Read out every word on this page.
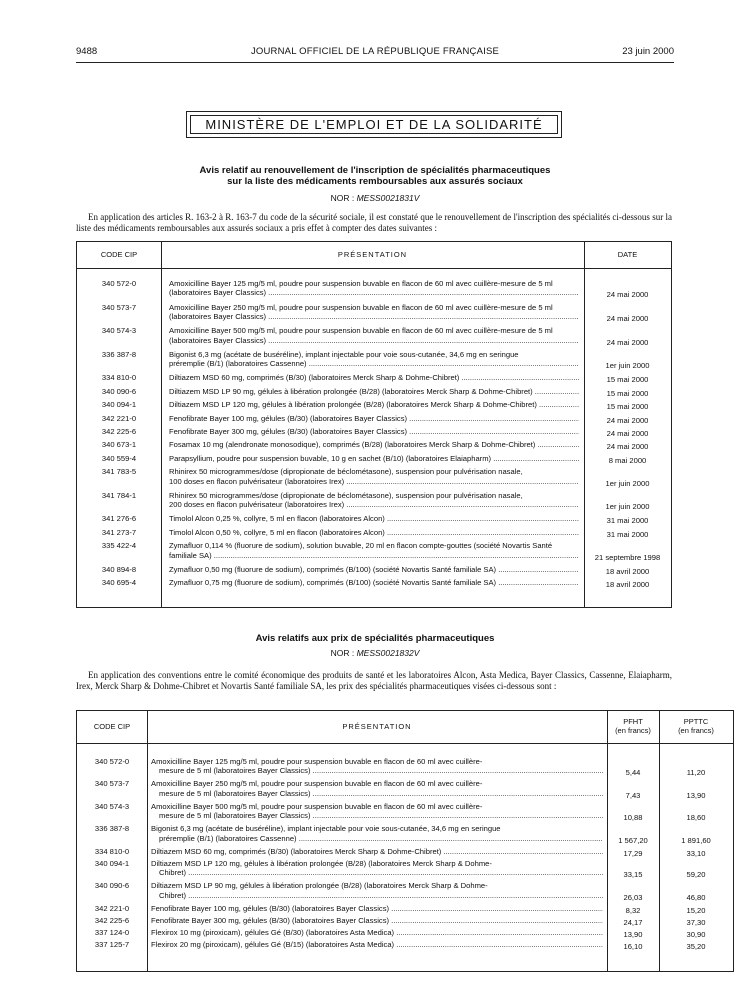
JOURNAL OFFICIEL DE LA RÉPUBLIQUE FRANÇAISE
9488	23 juin 2000
MINISTÈRE DE L'EMPLOI ET DE LA SOLIDARITÉ
Avis relatif au renouvellement de l'inscription de spécialités pharmaceutiques
sur la liste des médicaments remboursables aux assurés sociaux
NOR : MESS0021831V
En application des articles R. 163-2 à R. 163-7 du code de la sécurité sociale, il est constaté que le renouvellement de l'inscription des spécialités ci-dessous sur la liste des médicaments remboursables aux assurés sociaux a pris effet à compter des dates suivantes :
CODE CIP	PRÉSENTATION	DATE
340 572-0	Amoxicilline Bayer 125 mg/5 ml, poudre pour suspension buvable en flacon de 60 ml avec cuillère-mesure de 5 ml
(laboratoires Bayer Classics) .....	24 mai 2000
340 573-7	Amoxicilline Bayer 250 mg/5 ml, poudre pour suspension buvable en flacon de 60 ml avec cuillère-mesure de 5 ml
(laboratoires Bayer Classics) .....	24 mai 2000
340 574-3	Amoxicilline Bayer 500 mg/5 ml, poudre pour suspension buvable en flacon de 60 ml avec cuillère-mesure de 5 ml
(laboratoires Bayer Classics) .....	24 mai 2000
336 387-8	Bigonist 6,3 mg (acétate de buséréline), implant injectable pour voie sous-cutanée, 34,6 mg en seringue
préremplie (B/1) (laboratoires Cassenne) .....	1er juin 2000
334 810-0	Diltiazem MSD 60 mg, comprimés (B/30) (laboratoires Merck Sharp & Dohme-Chibret) .....	15 mai 2000
340 090-6	Diltiazem MSD LP 90 mg, gélules à libération prolongée (B/28) (laboratoires Merck Sharp & Dohme-Chibret) .....	15 mai 2000
340 094-1	Diltiazem MSD LP 120 mg, gélules à libération prolongée (B/28) (laboratoires Merck Sharp & Dohme-Chibret) .....	15 mai 2000
342 221-0	Fenofibrate Bayer 100 mg, gélules (B/30) (laboratoires Bayer Classics) .....	24 mai 2000
342 225-6	Fenofibrate Bayer 300 mg, gélules (B/30) (laboratoires Bayer Classics) .....	24 mai 2000
340 673-1	Fosamax 10 mg (alendronate monosodique), comprimés (B/28) (laboratoires Merck Sharp & Dohme-Chibret) .....	24 mai 2000
340 559-4	Parapsyllium, poudre pour suspension buvable, 10 g en sachet (B/10) (laboratoires Elaiapharm) .....	8 mai 2000
341 783-5	Rhinirex 50 microgrammes/dose (dipropionate de béclométasone), suspension pour pulvérisation nasale,
100 doses en flacon pulvérisateur (laboratoires Irex) .....	1er juin 2000
341 784-1	Rhinirex 50 microgrammes/dose (dipropionate de béclométasone), suspension pour pulvérisation nasale,
200 doses en flacon pulvérisateur (laboratoires Irex) .....	1er juin 2000
341 276-6	Timolol Alcon 0,25 %, collyre, 5 ml en flacon (laboratoires Alcon) .....	31 mai 2000
341 273-7	Timolol Alcon 0,50 %, collyre, 5 ml en flacon (laboratoires Alcon) .....	31 mai 2000
335 422-4	Zymafluor 0,114 % (fluorure de sodium), solution buvable, 20 ml en flacon compte-gouttes (société Novartis Santé
familiale SA) .....	21 septembre 1998
340 894-8	Zymafluor 0,50 mg (fluorure de sodium), comprimés (B/100) (société Novartis Santé familiale SA) .....	18 avril 2000
340 695-4	Zymafluor 0,75 mg (fluorure de sodium), comprimés (B/100) (société Novartis Santé familiale SA) .....	18 avril 2000
Avis relatifs aux prix de spécialités pharmaceutiques
NOR : MESS0021832V
En application des conventions entre le comité économique des produits de santé et les laboratoires Alcon, Asta Medica, Bayer Classics, Cassenne, Elaiapharm, Irex, Merck Sharp & Dohme-Chibret et Novartis Santé familiale SA, les prix des spécialités pharmaceutiques visées ci-dessous sont :
CODE CIP	PRÉSENTATION
PFHT
(en francs)
PPTTC
(en francs)
340 572-0	Amoxicilline Bayer 125 mg/5 ml, poudre pour suspension buvable en flacon de 60 ml avec cuillère-
mesure de 5 ml (laboratoires Bayer Classics) .....	5,44	11,20
340 573-7	Amoxicilline Bayer 250 mg/5 ml, poudre pour suspension buvable en flacon de 60 ml avec cuillère-
mesure de 5 ml (laboratoires Bayer Classics) .....	7,43	13,90
340 574-3	Amoxicilline Bayer 500 mg/5 ml, poudre pour suspension buvable en flacon de 60 ml avec cuillère-
mesure de 5 ml (laboratoires Bayer Classics) .....	10,88	18,60
336 387-8	Bigonist 6,3 mg (acétate de buséréline), implant injectable pour voie sous-cutanée, 34,6 mg en seringue
préremplie (B/1) (laboratoires Cassenne) .....	1 567,20	1 891,60
334 810-0	Diltiazem MSD 60 mg, comprimés (B/30) (laboratoires Merck Sharp & Dohme-Chibret) .....	17,29	33,10
340 094-1	Diltiazem MSD LP 120 mg, gélules à libération prolongée (B/28) (laboratoires Merck Sharp & Dohme-
Chibret) .....	33,15	59,20
340 090-6	Diltiazem MSD LP 90 mg, gélules à libération prolongée (B/28) (laboratoires Merck Sharp & Dohme-
Chibret) .....	26,03	46,80
342 221-0	Fenofibrate Bayer 100 mg, gélules (B/30) (laboratoires Bayer Classics) .....	8,32	15,20
342 225-6	Fenofibrate Bayer 300 mg, gélules (B/30) (laboratoires Bayer Classics) .....	24,17	37,30
337 124-0	Flexirox 10 mg (piroxicam), gélules Gé (B/30) (laboratoires Asta Medica) .....	13,90	30,90
337 125-7	Flexirox 20 mg (piroxicam), gélules Gé (B/15) (laboratoires Asta Medica) .....	16,10	35,20
